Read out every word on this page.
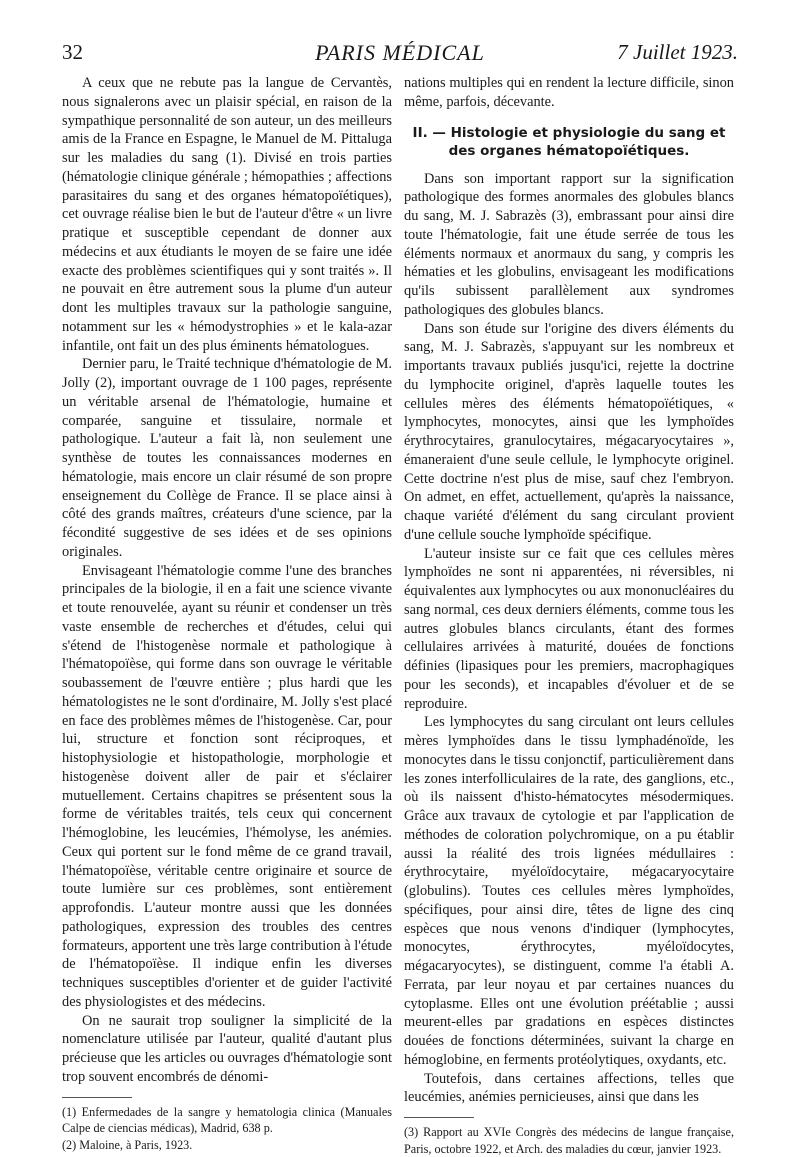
32	PARIS MÉDICAL	7 Juillet 1923.

A ceux que ne rebute pas la langue de Cervantès, nous signalerons avec un plaisir spécial, en raison de la sympathique personnalité de son auteur, un des meilleurs amis de la France en Espagne, le Manuel de M. Pittaluga sur les maladies du sang (1). Divisé en trois parties (hématologie clinique générale ; hémopathies ; affections parasitaires du sang et des organes hématopoïétiques), cet ouvrage réalise bien le but de l'auteur d'être « un livre pratique et susceptible cependant de donner aux médecins et aux étudiants le moyen de se faire une idée exacte des problèmes scientifiques qui y sont traités ». Il ne pouvait en être autrement sous la plume d'un auteur dont les multiples travaux sur la pathologie sanguine, notamment sur les « hémodystrophies » et le kala-azar infantile, ont fait un des plus éminents hématologues.

Dernier paru, le Traité technique d'hématologie de M. Jolly (2), important ouvrage de 1 100 pages, représente un véritable arsenal de l'hématologie, humaine et comparée, sanguine et tissulaire, normale et pathologique. L'auteur a fait là, non seulement une synthèse de toutes les connaissances modernes en hématologie, mais encore un clair résumé de son propre enseignement du Collège de France. Il se place ainsi à côté des grands maîtres, créateurs d'une science, par la fécondité suggestive de ses idées et de ses opinions originales.

Envisageant l'hématologie comme l'une des branches principales de la biologie, il en a fait une science vivante et toute renouvelée, ayant su réunir et condenser un très vaste ensemble de recherches et d'études, celui qui s'étend de l'histogenèse normale et pathologique à l'hématopoïèse, qui forme dans son ouvrage le véritable soubassement de l'œuvre entière ; plus hardi que les hématologistes ne le sont d'ordinaire, M. Jolly s'est placé en face des problèmes mêmes de l'histogenèse. Car, pour lui, structure et fonction sont réciproques, et histophysiologie et histopathologie, morphologie et histogenèse doivent aller de pair et s'éclairer mutuellement. Certains chapitres se présentent sous la forme de véritables traités, tels ceux qui concernent l'hémoglobine, les leucémies, l'hémolyse, les anémies. Ceux qui portent sur le fond même de ce grand travail, l'hématopoïèse, véritable centre originaire et source de toute lumière sur ces problèmes, sont entièrement approfondis. L'auteur montre aussi que les données pathologiques, expression des troubles des centres formateurs, apportent une très large contribution à l'étude de l'hématopoïèse. Il indique enfin les diverses techniques susceptibles d'orienter et de guider l'activité des physiologistes et des médecins.

On ne saurait trop souligner la simplicité de la nomenclature utilisée par l'auteur, qualité d'autant plus précieuse que les articles ou ouvrages d'hématologie sont trop souvent encombrés de dénomi-

(1) Enfermedades de la sangre y hematologia clinica (Manuales Calpe de ciencias médicas), Madrid, 638 p.

(2) Maloine, à Paris, 1923.

nations multiples qui en rendent la lecture difficile, sinon même, parfois, décevante.

II. — Histologie et physiologie du sang et des organes hématopoïétiques.

Dans son important rapport sur la signification pathologique des formes anormales des globules blancs du sang, M. J. Sabrazès (3), embrassant pour ainsi dire toute l'hématologie, fait une étude serrée de tous les éléments normaux et anormaux du sang, y compris les hématies et les globulins, envisageant les modifications qu'ils subissent parallèlement aux syndromes pathologiques des globules blancs.

Dans son étude sur l'origine des divers éléments du sang, M. J. Sabrazès, s'appuyant sur les nombreux et importants travaux publiés jusqu'ici, rejette la doctrine du lymphocite originel, d'après laquelle toutes les cellules mères des éléments hématopoïétiques, « lymphocytes, monocytes, ainsi que les lymphoïdes érythrocytaires, granulocytaires, mégacaryocytaires », émaneraient d'une seule cellule, le lymphocyte originel. Cette doctrine n'est plus de mise, sauf chez l'embryon. On admet, en effet, actuellement, qu'après la naissance, chaque variété d'élément du sang circulant provient d'une cellule souche lymphoïde spécifique.

L'auteur insiste sur ce fait que ces cellules mères lymphoïdes ne sont ni apparentées, ni réversibles, ni équivalentes aux lymphocytes ou aux mononucléaires du sang normal, ces deux derniers éléments, comme tous les autres globules blancs circulants, étant des formes cellulaires arrivées à maturité, douées de fonctions définies (lipasiques pour les premiers, macrophagiques pour les seconds), et incapables d'évoluer et de se reproduire.

Les lymphocytes du sang circulant ont leurs cellules mères lymphoïdes dans le tissu lymphadénoïde, les monocytes dans le tissu conjonctif, particulièrement dans les zones interfolliculaires de la rate, des ganglions, etc., où ils naissent d'histo-hématocytes mésodermiques. Grâce aux travaux de cytologie et par l'application de méthodes de coloration polychromique, on a pu établir aussi la réalité des trois lignées médullaires : érythrocytaire, myéloïdocytaire, mégacaryocytaire (globulins). Toutes ces cellules mères lymphoïdes, spécifiques, pour ainsi dire, têtes de ligne des cinq espèces que nous venons d'indiquer (lymphocytes, monocytes, érythrocytes, myéloïdocytes, mégacaryocytes), se distinguent, comme l'a établi A. Ferrata, par leur noyau et par certaines nuances du cytoplasme. Elles ont une évolution préétablie ; aussi meurent-elles par gradations en espèces distinctes douées de fonctions déterminées, suivant la charge en hémoglobine, en ferments protéolytiques, oxydants, etc.

Toutefois, dans certaines affections, telles que leucémies, anémies pernicieuses, ainsi que dans les

(3) Rapport au XVIe Congrès des médecins de langue française, Paris, octobre 1922, et Arch. des maladies du cœur, janvier 1923.
